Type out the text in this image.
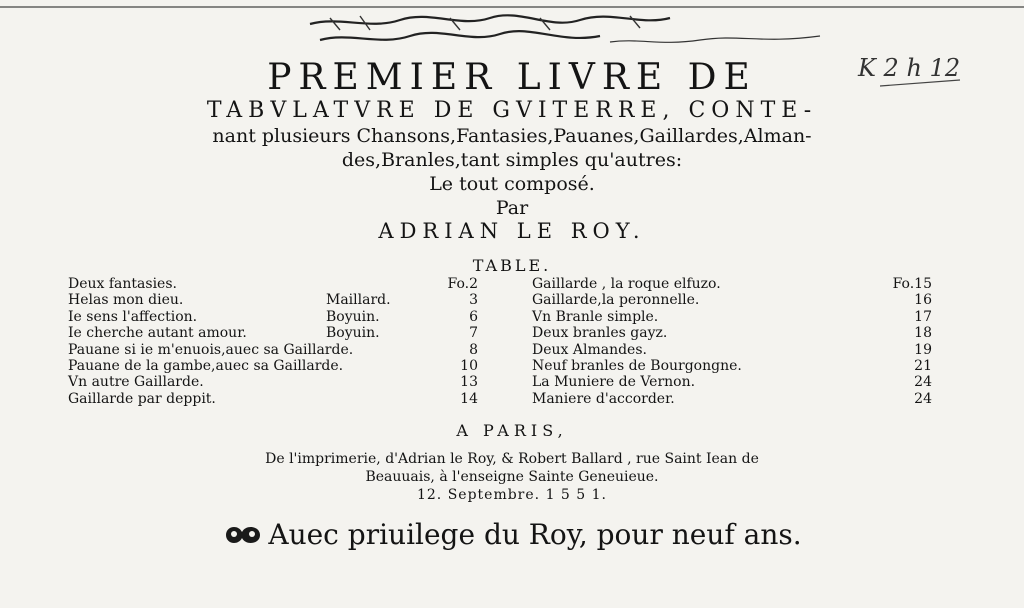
K 2 h 12
PREMIER LIVRE DE
TABVLATVRE DE GVITERRE, CONTE-
nant plusieurs Chansons,Fantasies,Pauanes,Gaillardes,Alman-
des,Branles,tant simples qu'autres:
Le tout composé.
Par
ADRIAN LE ROY.
TABLE.
Deux fantasies.	Fo.2
Helas mon dieu.	Maillard.	3
Ie sens l'affection.	Boyuin.	6
Ie cherche autant amour.	Boyuin.	7
Pauane si ie m'enuois,auec sa Gaillarde.	8
Pauane de la gambe,auec sa Gaillarde.	10
Vn autre Gaillarde.	13
Gaillarde par deppit.	14
Gaillarde , la roque elfuzo.	Fo.15
Gaillarde,la peronnelle.	16
Vn Branle simple.	17
Deux branles gayz.	18
Deux Almandes.	19
Neuf branles de Bourgongne.	21
La Muniere de Vernon.	24
Maniere d'accorder.	24
A PARIS,
De l'imprimerie, d'Adrian le Roy, & Robert Ballard , rue Saint Iean de
Beauuais, à l'enseigne Sainte Geneuieue.
12. Septembre. 1 5 5 1.
Auec priuilege du Roy, pour neuf ans.
